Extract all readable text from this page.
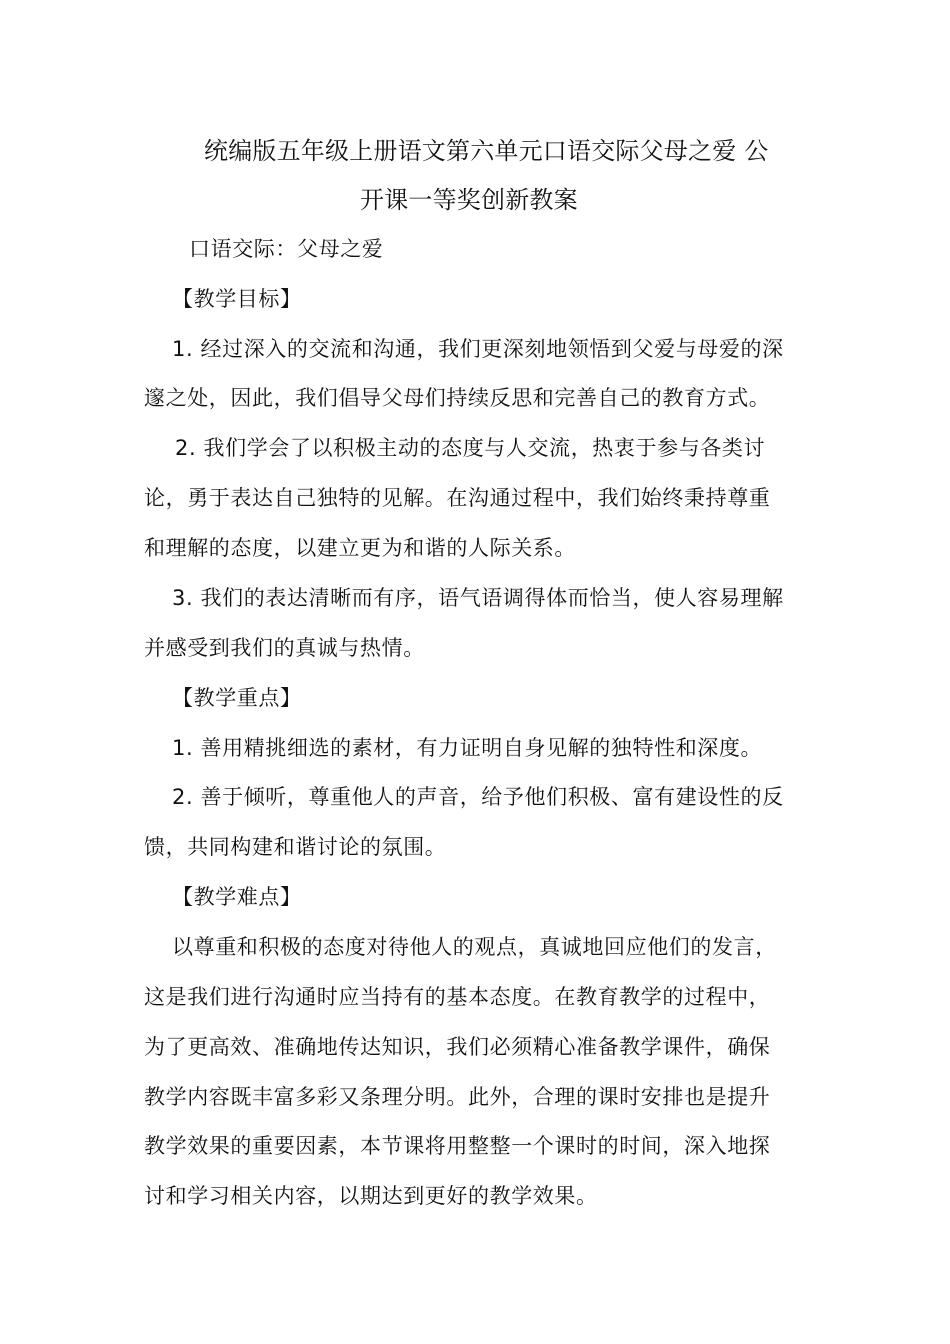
统编版五年级上册语文第六单元口语交际父母之爱 公
开课一等奖创新教案
口语交际：父母之爱
【教学目标】
1. 经过深入的交流和沟通，我们更深刻地领悟到父爱与母爱的深
邃之处，因此，我们倡导父母们持续反思和完善自己的教育方式。
2. 我们学会了以积极主动的态度与人交流，热衷于参与各类讨
论，勇于表达自己独特的见解。在沟通过程中，我们始终秉持尊重
和理解的态度，以建立更为和谐的人际关系。
3. 我们的表达清晰而有序，语气语调得体而恰当，使人容易理解
并感受到我们的真诚与热情。
【教学重点】
1. 善用精挑细选的素材，有力证明自身见解的独特性和深度。
2. 善于倾听，尊重他人的声音，给予他们积极、富有建设性的反
馈，共同构建和谐讨论的氛围。
【教学难点】
以尊重和积极的态度对待他人的观点，真诚地回应他们的发言，
这是我们进行沟通时应当持有的基本态度。在教育教学的过程中，
为了更高效、准确地传达知识，我们必须精心准备教学课件，确保
教学内容既丰富多彩又条理分明。此外，合理的课时安排也是提升
教学效果的重要因素，本节课将用整整一个课时的时间，深入地探
讨和学习相关内容，以期达到更好的教学效果。
